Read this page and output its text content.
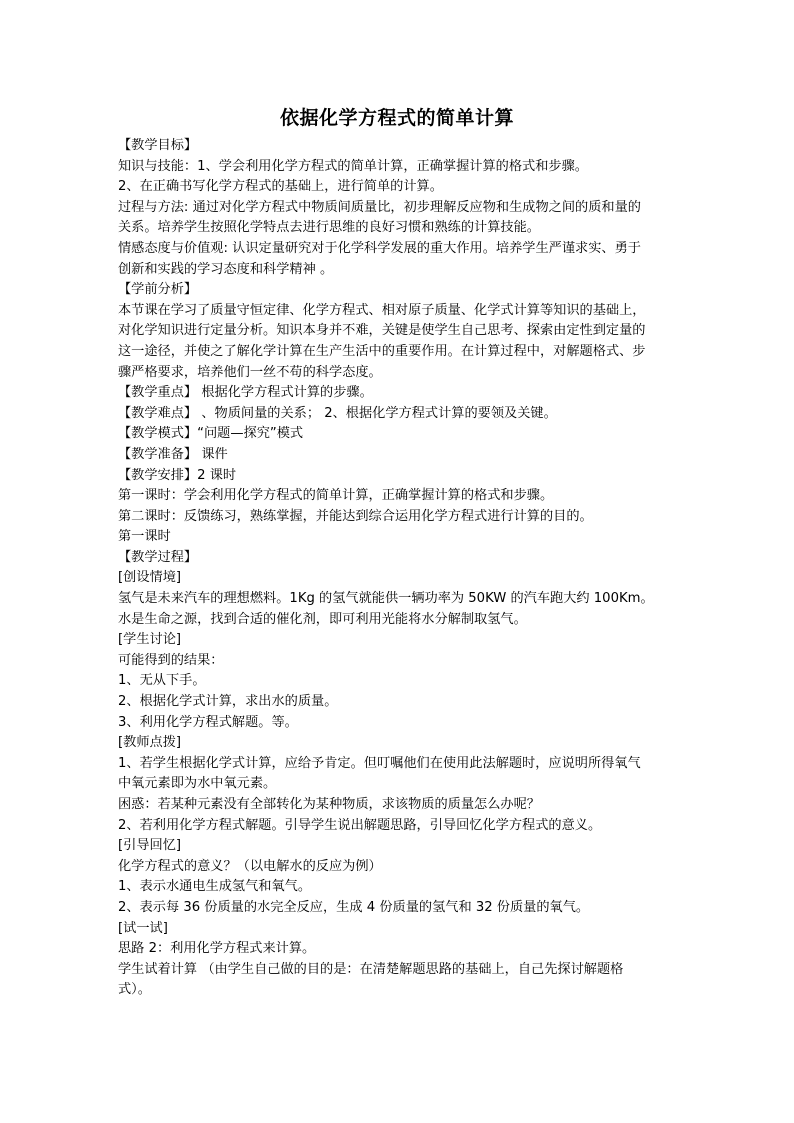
依据化学方程式的简单计算
【教学目标】
知识与技能：1、学会利用化学方程式的简单计算，正确掌握计算的格式和步骤。
2、在正确书写化学方程式的基础上，进行简单的计算。
过程与方法: 通过对化学方程式中物质间质量比，初步理解反应物和生成物之间的质和量的
关系。培养学生按照化学特点去进行思维的良好习惯和熟练的计算技能。
情感态度与价值观: 认识定量研究对于化学科学发展的重大作用。培养学生严谨求实、勇于
创新和实践的学习态度和科学精神 。
【学前分析】
本节课在学习了质量守恒定律、化学方程式、相对原子质量、化学式计算等知识的基础上，
对化学知识进行定量分析。知识本身并不难，关键是使学生自己思考、探索由定性到定量的
这一途径，并使之了解化学计算在生产生活中的重要作用。在计算过程中，对解题格式、步
骤严格要求，培养他们一丝不苟的科学态度。
【教学重点】 根据化学方程式计算的步骤。
【教学难点】 、物质间量的关系； 2、根据化学方程式计算的要领及关键。
【教学模式】“问题—探究”模式
【教学准备】 课件
【教学安排】2 课时
第一课时：学会利用化学方程式的简单计算，正确掌握计算的格式和步骤。
第二课时：反馈练习，熟练掌握，并能达到综合运用化学方程式进行计算的目的。
第一课时
【教学过程】
[创设情境]
氢气是未来汽车的理想燃料。1Kg 的氢气就能供一辆功率为 50KW 的汽车跑大约 100Km。
水是生命之源，找到合适的催化剂，即可利用光能将水分解制取氢气。
[学生讨论]
可能得到的结果：
1、无从下手。
2、根据化学式计算，求出水的质量。
3、利用化学方程式解题。等。
[教师点拨]
1、若学生根据化学式计算，应给予肯定。但叮嘱他们在使用此法解题时，应说明所得氧气
中氧元素即为水中氧元素。
困惑：若某种元素没有全部转化为某种物质，求该物质的质量怎么办呢？
2、若利用化学方程式解题。引导学生说出解题思路，引导回忆化学方程式的意义。
[引导回忆]
化学方程式的意义？（以电解水的反应为例）
1、表示水通电生成氢气和氧气。
2、表示每 36 份质量的水完全反应，生成 4 份质量的氢气和 32 份质量的氧气。
[试一试]
思路 2：利用化学方程式来计算。
学生试着计算 （由学生自己做的目的是：在清楚解题思路的基础上，自己先探讨解题格
式）。
